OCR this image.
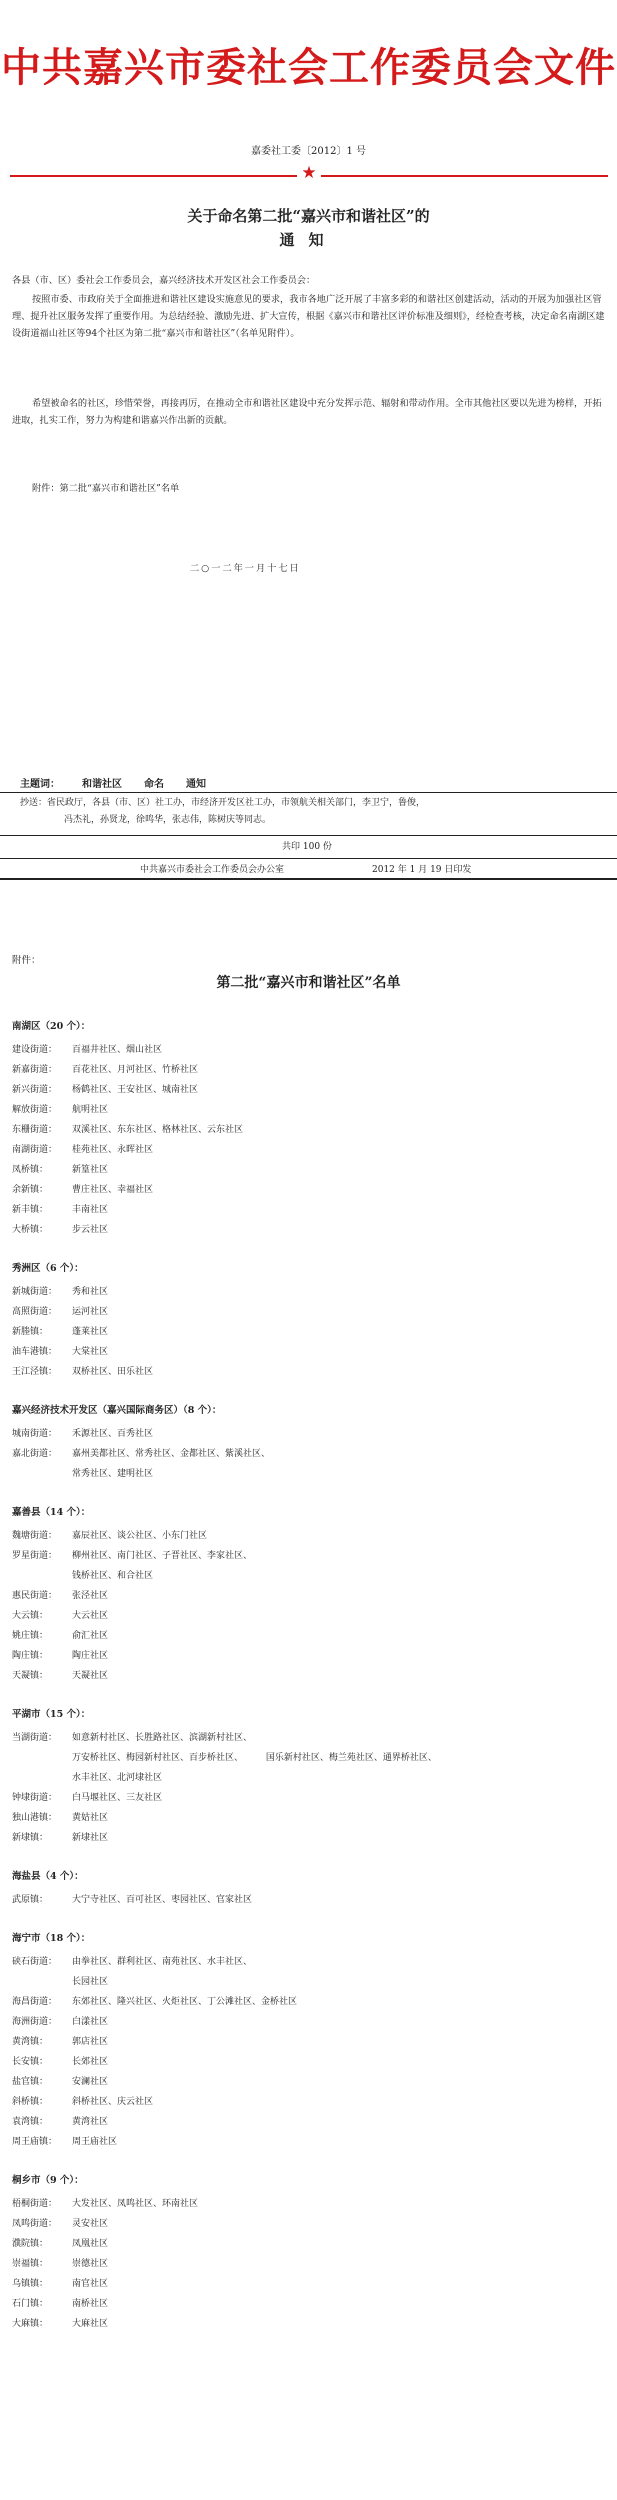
中共嘉兴市委社会工作委员会文件
嘉委社工委〔2012〕1 号
★
关于命名第二批“嘉兴市和谐社区”的
通知
各县（市、区）委社会工作委员会，嘉兴经济技术开发区社会工作委员会：
按照市委、市政府关于全面推进和谐社区建设实施意见的要求，我市各地广泛开展了丰富多彩的和谐社区创建活动，活动的开展为加强社区管理、提升社区服务发挥了重要作用。为总结经验、激励先进、扩大宣传，根据《嘉兴市和谐社区评价标准及细则》，经检查考核，决定命名南湖区建设街道福山社区等94个社区为第二批“嘉兴市和谐社区”（名单见附件）。
希望被命名的社区，珍惜荣誉，再接再厉，在推动全市和谐社区建设中充分发挥示范、辐射和带动作用。全市其他社区要以先进为榜样，开拓进取，扎实工作，努力为构建和谐嘉兴作出新的贡献。
附件：第二批“嘉兴市和谐社区”名单
二○一二年一月十七日
主题词： 和谐社区 命名 通知
抄送：省民政厅，各县（市、区）社工办，市经济开发区社工办，市领航关相关部门，李卫宁，鲁俊，
冯杰礼，孙贤龙，徐鸣华，张志伟，陈树庆等同志。
共印 100 份
中共嘉兴市委社会工作委员会办公室	2012 年 1 月 19 日印发
附件：
第二批“嘉兴市和谐社区”名单
南湖区（20 个）：
建设街道：	百福井社区、烟山社区
新嘉街道：	百花社区、月河社区、竹桥社区
新兴街道：	杨鹤社区、王安社区、城南社区
解放街道：	航明社区
东栅街道：	双溪社区、东东社区、格林社区、云东社区
南湖街道：	桂苑社区、永晖社区
凤桥镇：	新篁社区
余新镇：	曹庄社区、幸福社区
新丰镇：	丰南社区
大桥镇：	步云社区
秀洲区（6 个）：
新城街道：	秀和社区
高照街道：	运河社区
新塍镇：	蓬莱社区
油车港镇：	大棠社区
王江泾镇：	双桥社区、田乐社区
嘉兴经济技术开发区（嘉兴国际商务区）（8 个）：
城南街道：	禾源社区、百秀社区
嘉北街道：	嘉州美都社区、常秀社区、金都社区、紫溪社区、
常秀社区、建明社区
嘉善县（14 个）：
魏塘街道：	嘉辰社区、谈公社区、小东门社区
罗星街道：	柳州社区、南门社区、子晋社区、李家社区、
钱桥社区、和合社区
惠民街道：	张泾社区
大云镇：	大云社区
姚庄镇：	俞汇社区
陶庄镇：	陶庄社区
天凝镇：	天凝社区
平湖市（15 个）：
当湖街道：	如意新村社区、长胜路社区、滨湖新村社区、
万安桥社区、梅园新村社区、百步桥社区、        国乐新村社区、梅兰苑社区、通界桥社区、
水丰社区、北河埭社区
钟埭街道：	白马堰社区、三友社区
独山港镇：	黄姑社区
新埭镇：	新埭社区
海盐县（4 个）：
武原镇：	大宁寺社区、百可社区、枣园社区、官家社区
海宁市（18 个）：
硖石街道：	由拳社区、群利社区、南苑社区、水丰社区、
长园社区
海昌街道：	东郊社区、隆兴社区、火炬社区、丁公滩社区、金桥社区
海洲街道：	白漾社区
黄湾镇：	郭店社区
长安镇：	长郊社区
盐官镇：	安澜社区
斜桥镇：	斜桥社区、庆云社区
袁湾镇：	黄湾社区
周王庙镇：	周王庙社区
桐乡市（9 个）：
梧桐街道：	大发社区、凤鸣社区、环南社区
凤鸣街道：	灵安社区
濮院镇：	凤凰社区
崇福镇：	崇德社区
乌镇镇：	南官社区
石门镇：	南桥社区
大麻镇：	大麻社区
